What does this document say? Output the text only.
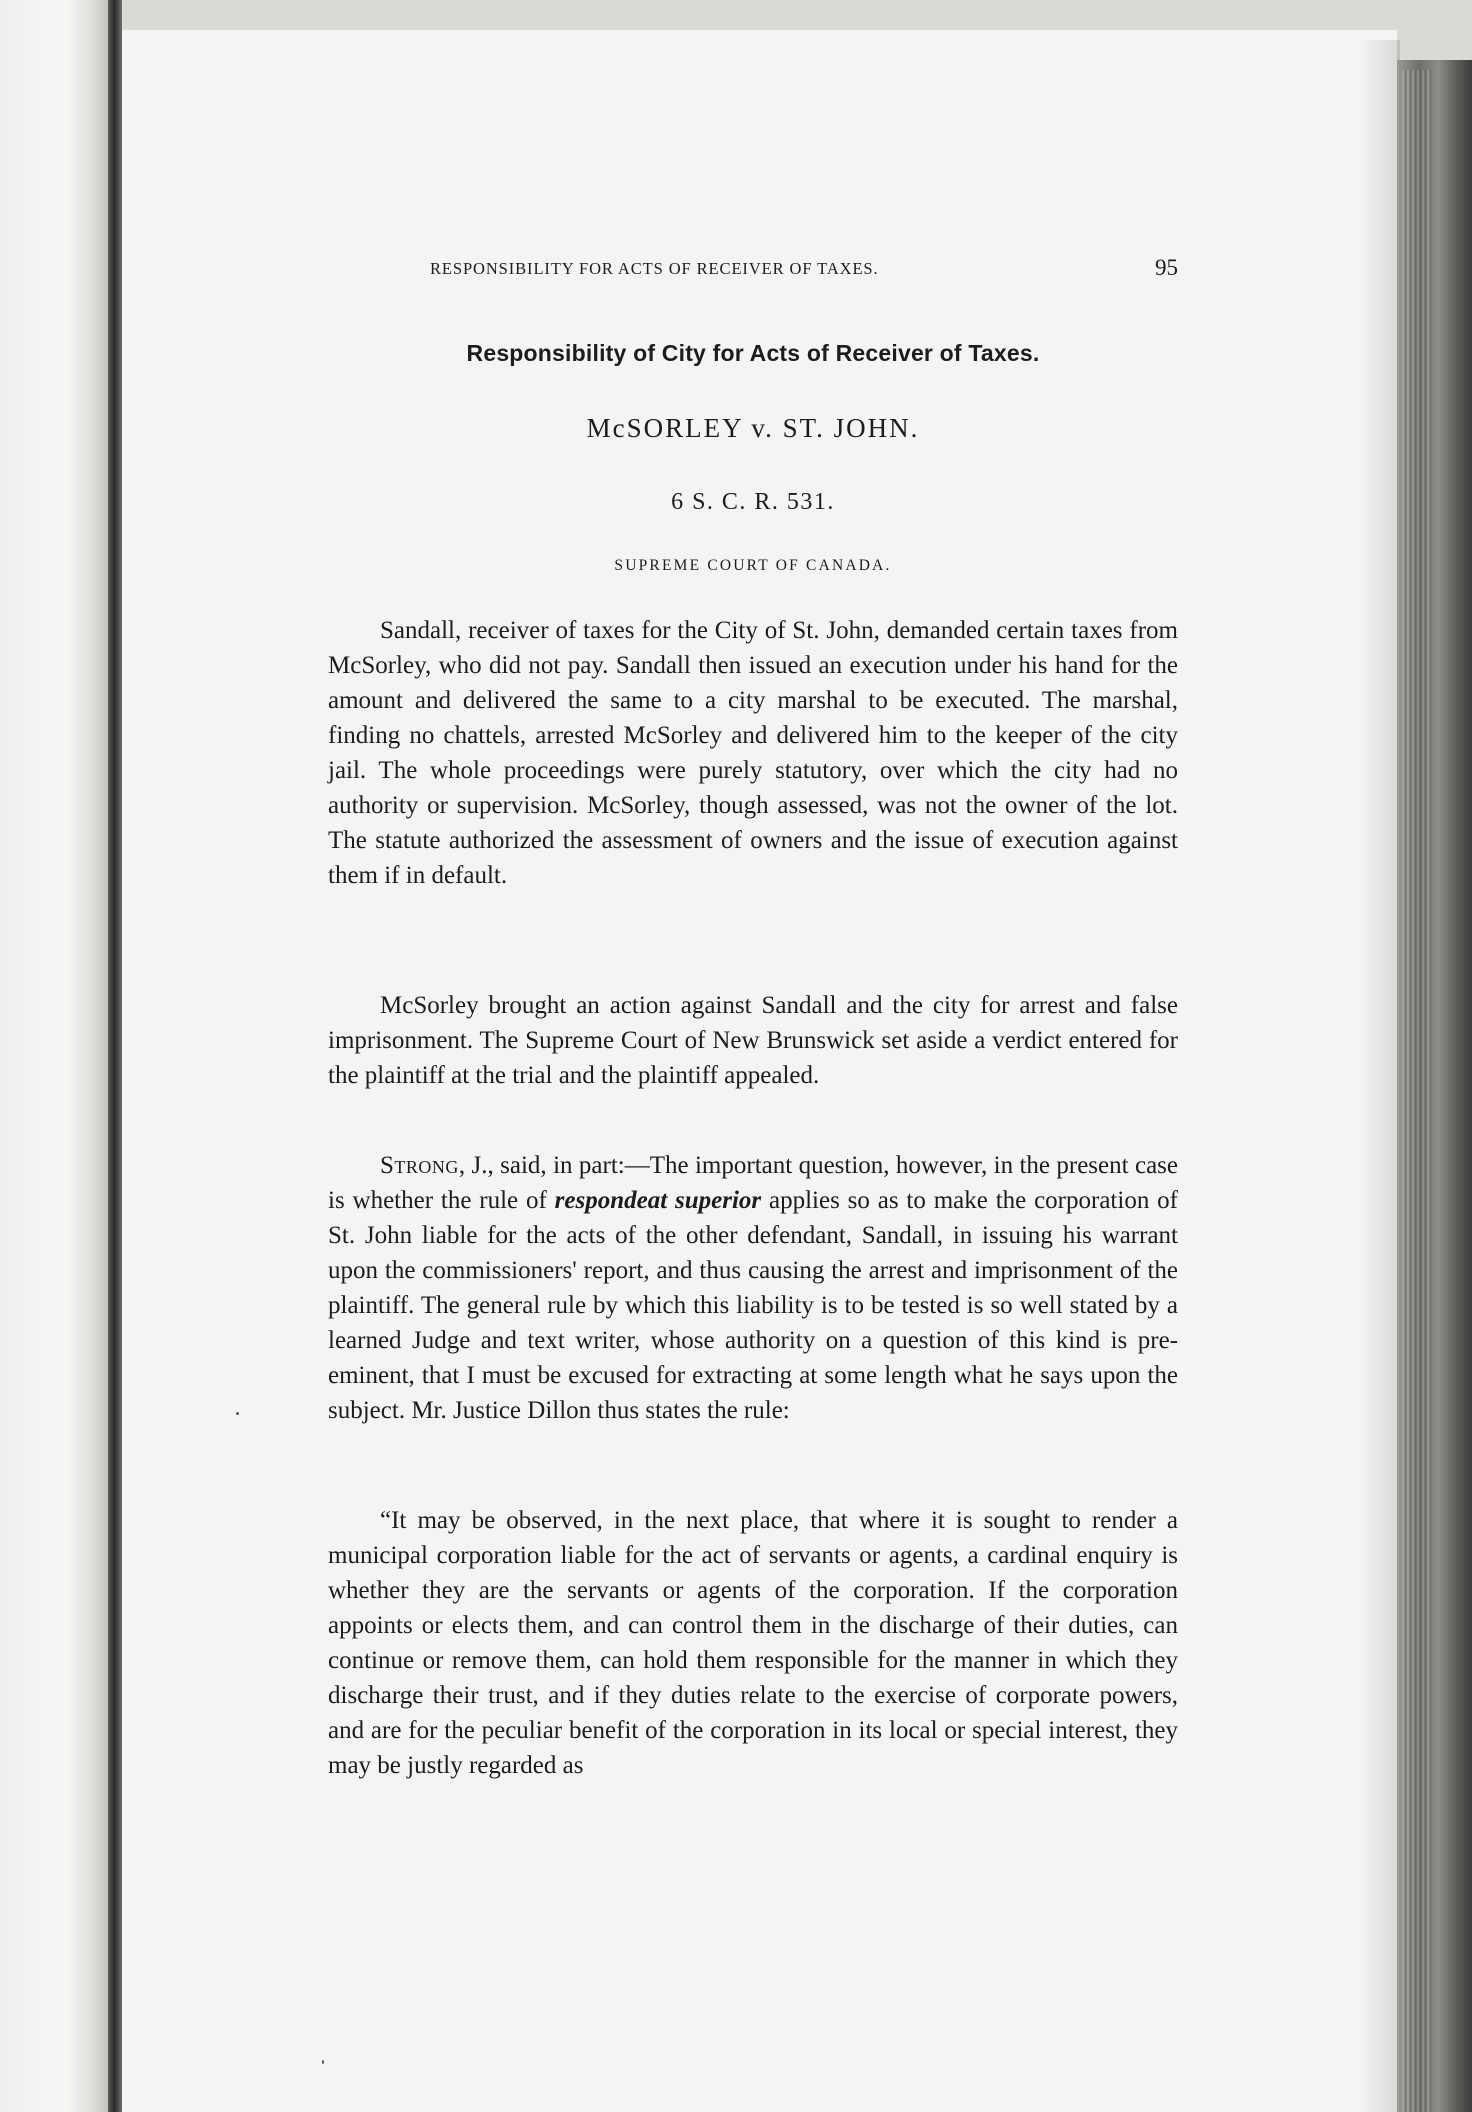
RESPONSIBILITY FOR ACTS OF RECEIVER OF TAXES.	95
Responsibility of City for Acts of Receiver of Taxes.
McSORLEY v. ST. JOHN.
6 S. C. R. 531.
SUPREME COURT OF CANADA.

Sandall, receiver of taxes for the City of St. John, demanded certain taxes from McSorley, who did not pay. Sandall then issued an execution under his hand for the amount and delivered the same to a city marshal to be executed. The marshal, finding no chattels, arrested McSorley and delivered him to the keeper of the city jail. The whole proceedings were purely statutory, over which the city had no authority or supervision. McSorley, though assessed, was not the owner of the lot. The statute authorized the assessment of owners and the issue of execution against them if in default.

McSorley brought an action against Sandall and the city for arrest and false imprisonment. The Supreme Court of New Brunswick set aside a verdict entered for the plaintiff at the trial and the plaintiff appealed.

Strong, J., said, in part:—The important question, however, in the present case is whether the rule of respondeat superior applies so as to make the corporation of St. John liable for the acts of the other defendant, Sandall, in issuing his warrant upon the commissioners' report, and thus causing the arrest and imprisonment of the plaintiff. The general rule by which this liability is to be tested is so well stated by a learned Judge and text writer, whose authority on a question of this kind is pre-eminent, that I must be excused for extracting at some length what he says upon the subject. Mr. Justice Dillon thus states the rule:

“It may be observed, in the next place, that where it is sought to render a municipal corporation liable for the act of servants or agents, a cardinal enquiry is whether they are the servants or agents of the corporation. If the corporation appoints or elects them, and can control them in the discharge of their duties, can continue or remove them, can hold them responsible for the manner in which they discharge their trust, and if they duties relate to the exercise of corporate powers, and are for the peculiar benefit of the corporation in its local or special interest, they may be justly regarded as
